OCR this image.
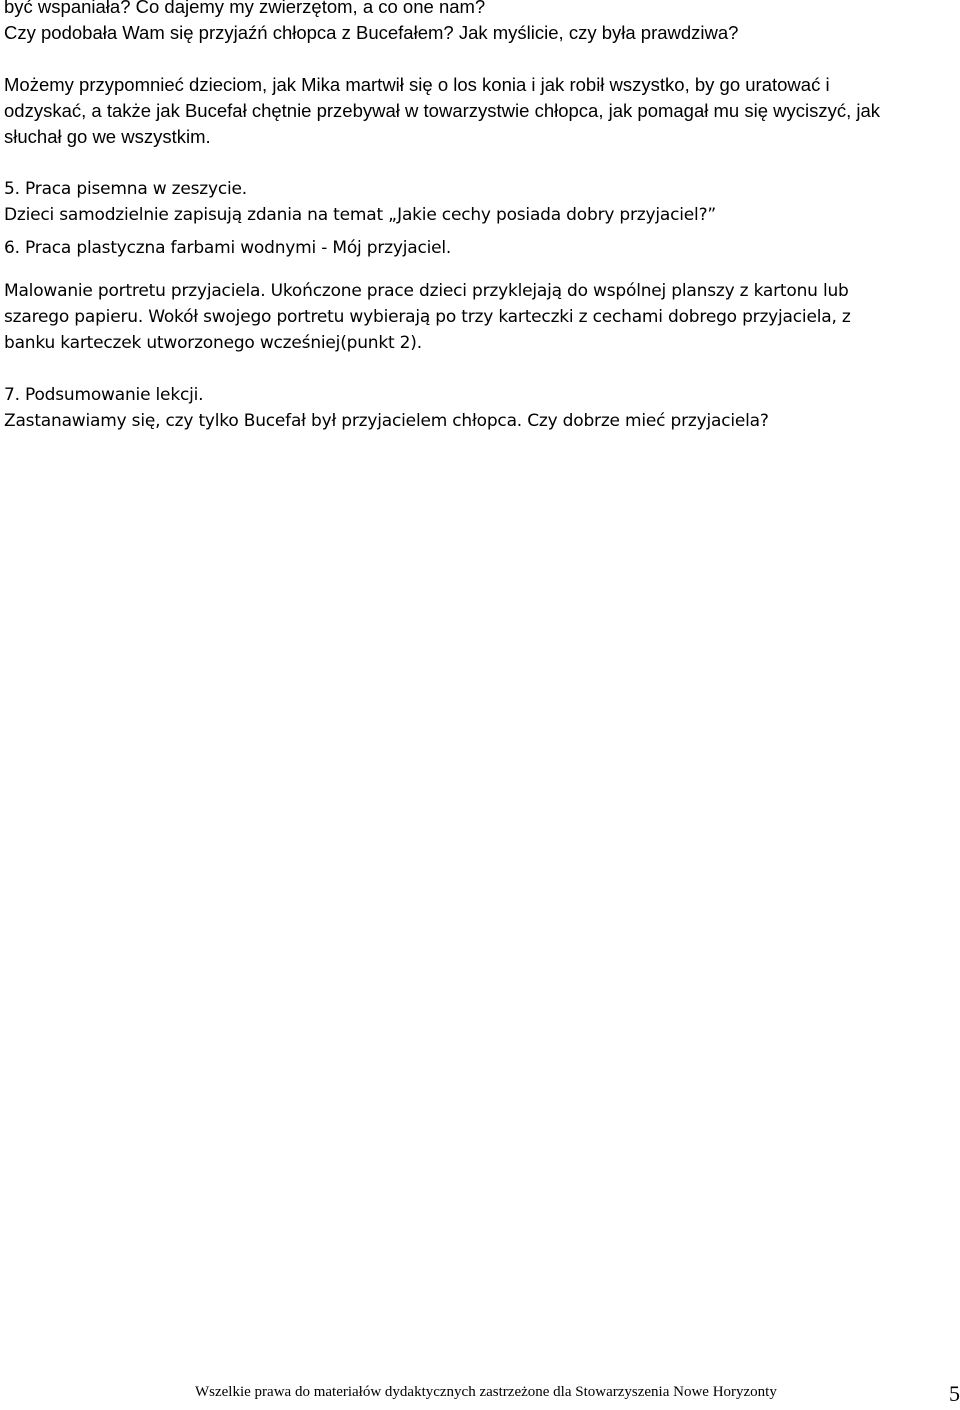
być wspaniała? Co dajemy my zwierzętom, a co one nam?
Czy podobała Wam się przyjaźń chłopca z Bucefałem? Jak myślicie, czy była prawdziwa?
Możemy przypomnieć dzieciom, jak Mika martwił się o los konia i jak robił wszystko, by go uratować i
odzyskać, a także jak Bucefał chętnie przebywał w towarzystwie chłopca, jak pomagał mu się wyciszyć, jak
słuchał go we wszystkim.
5. Praca pisemna w zeszycie.
Dzieci samodzielnie zapisują zdania na temat „Jakie cechy posiada dobry przyjaciel?”
6. Praca plastyczna farbami wodnymi - Mój przyjaciel.
Malowanie portretu przyjaciela. Ukończone prace dzieci przyklejają do wspólnej planszy z kartonu lub
szarego papieru. Wokół swojego portretu wybierają po trzy karteczki z cechami dobrego przyjaciela, z
banku karteczek utworzonego wcześniej(punkt 2).
7. Podsumowanie lekcji.
Zastanawiamy się, czy tylko Bucefał był przyjacielem chłopca. Czy dobrze mieć przyjaciela?
Wszelkie prawa do materiałów dydaktycznych zastrzeżone dla Stowarzyszenia Nowe Horyzonty	5
